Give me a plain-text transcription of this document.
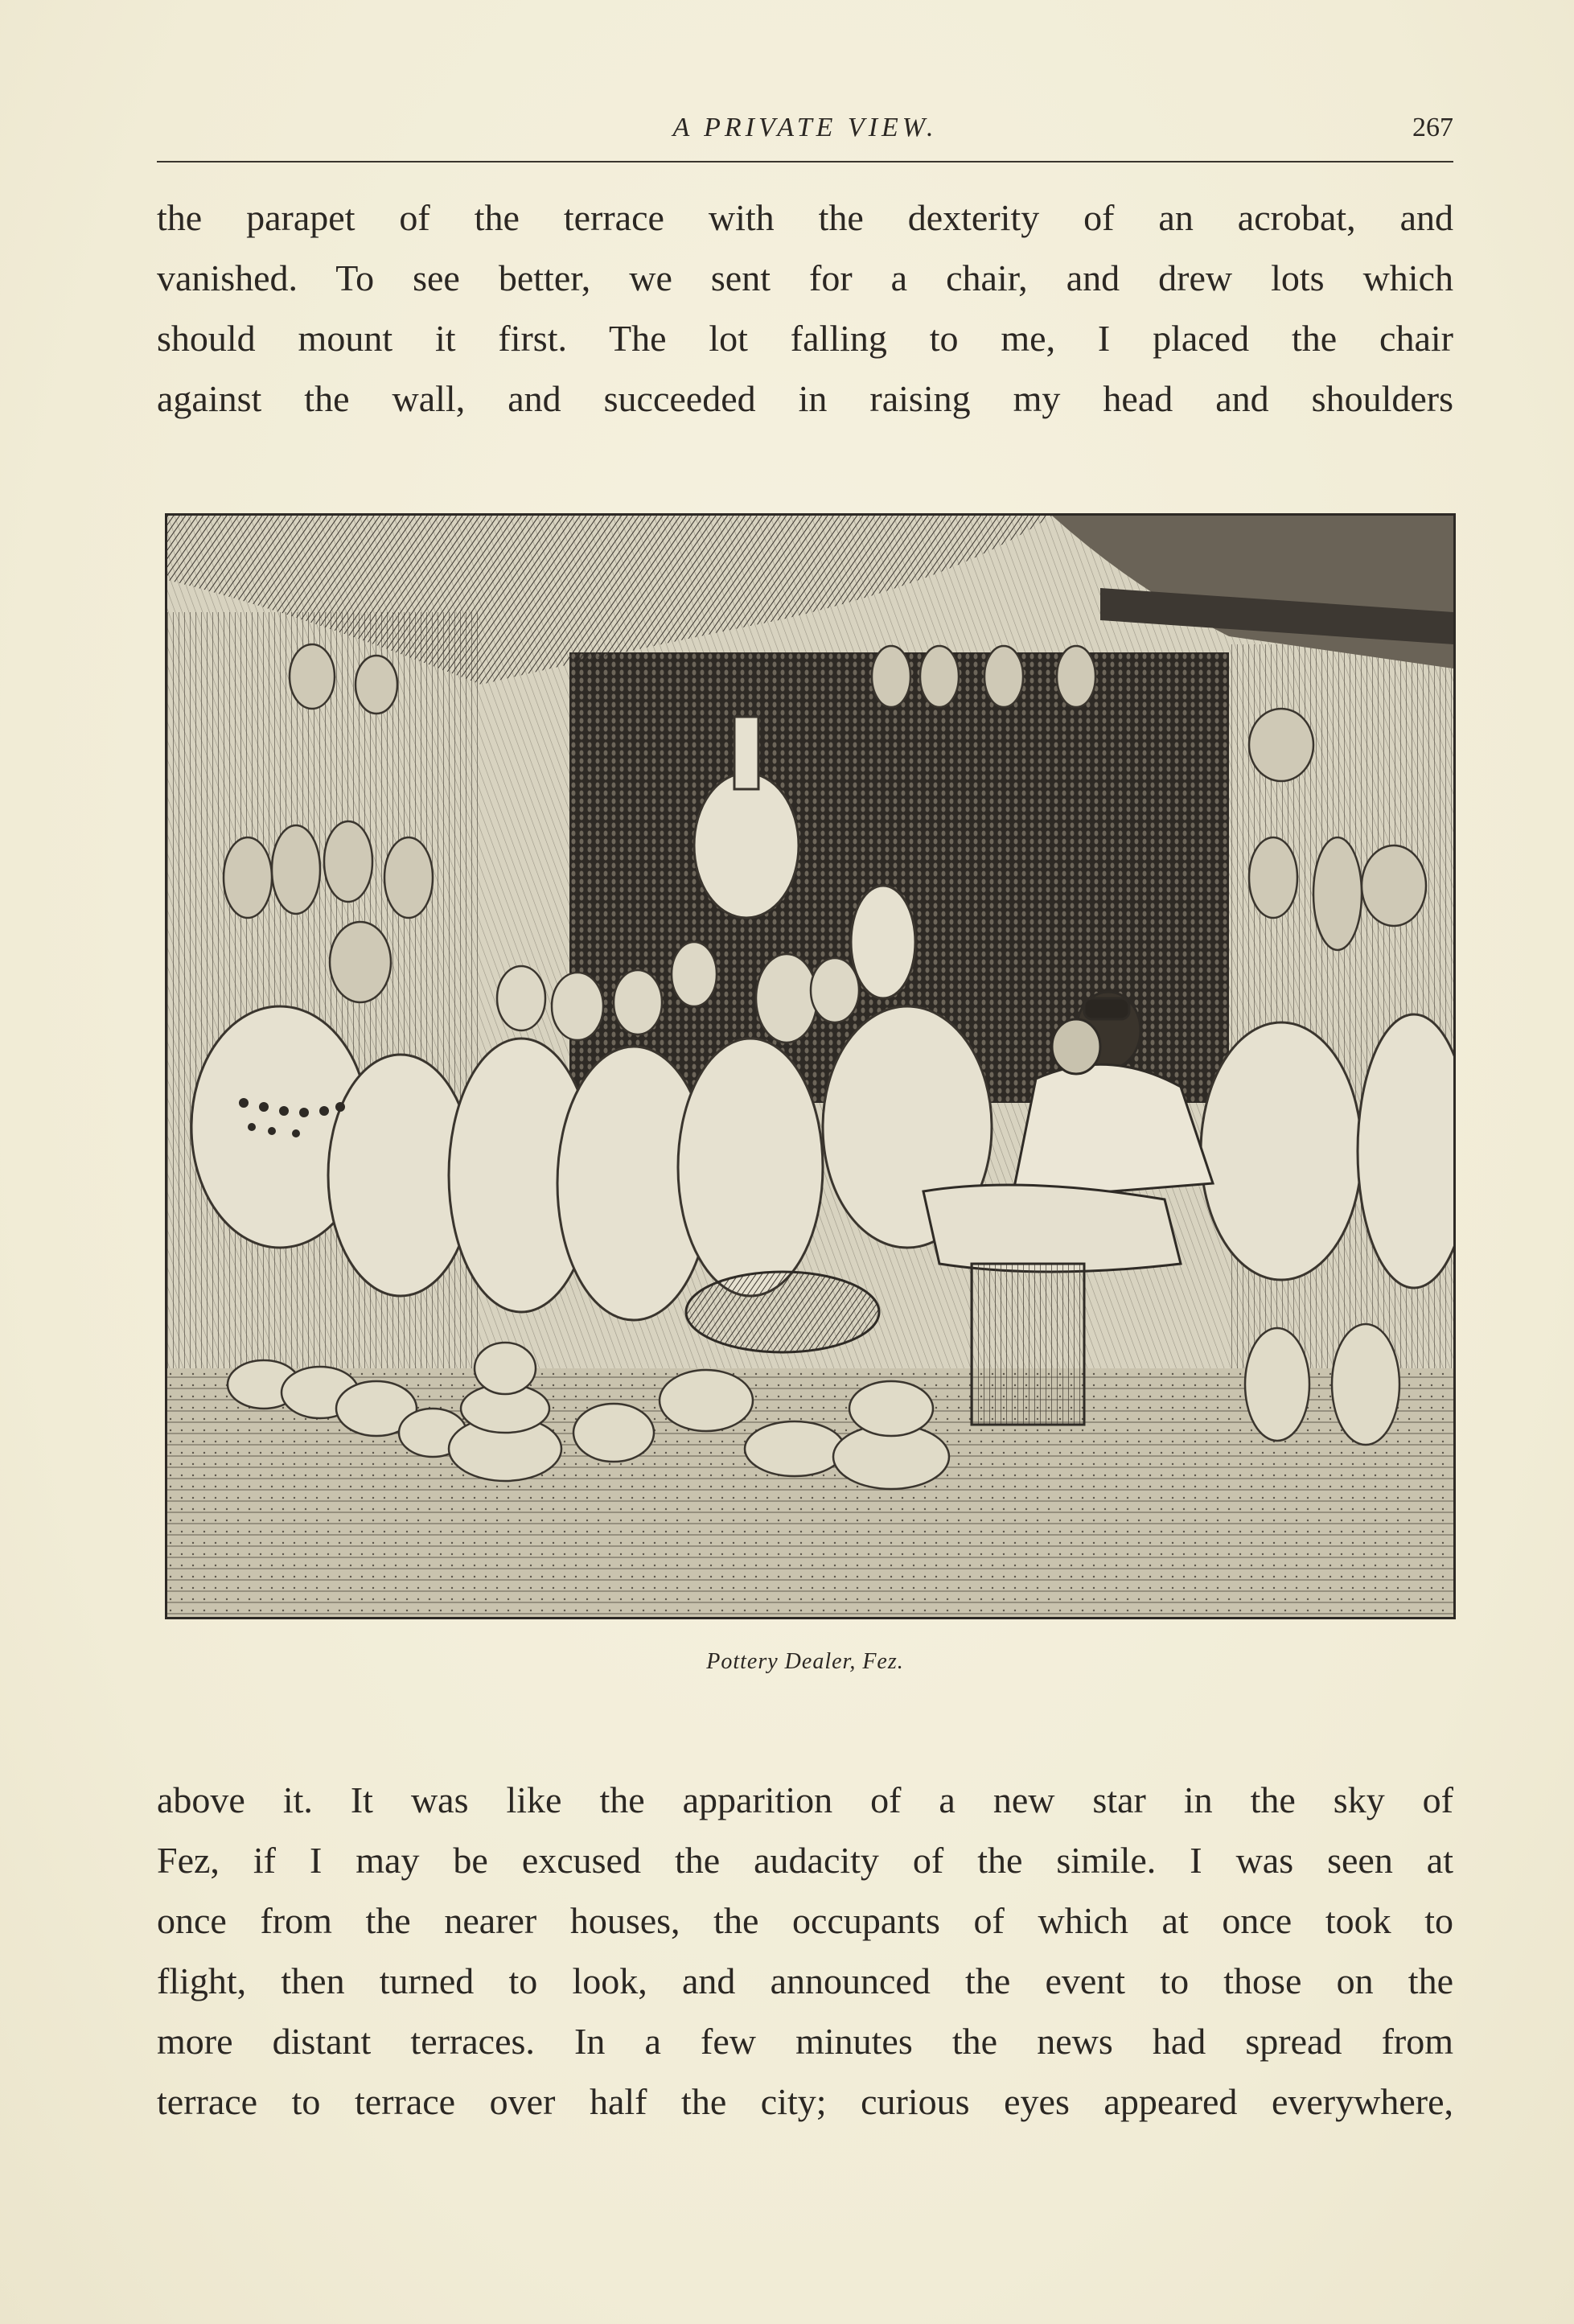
A PRIVATE VIEW.	267
the parapet of the terrace with the dexterity of an acrobat, and
vanished. To see better, we sent for a chair, and drew lots which
should mount it first. The lot falling to me, I placed the chair
against the wall, and succeeded in raising my head and shoulders
Pottery Dealer, Fez.
above it. It was like the apparition of a new star in the sky of
Fez, if I may be excused the audacity of the simile. I was seen at
once from the nearer houses, the occupants of which at once took to
flight, then turned to look, and announced the event to those on the
more distant terraces. In a few minutes the news had spread from
terrace to terrace over half the city; curious eyes appeared everywhere,
